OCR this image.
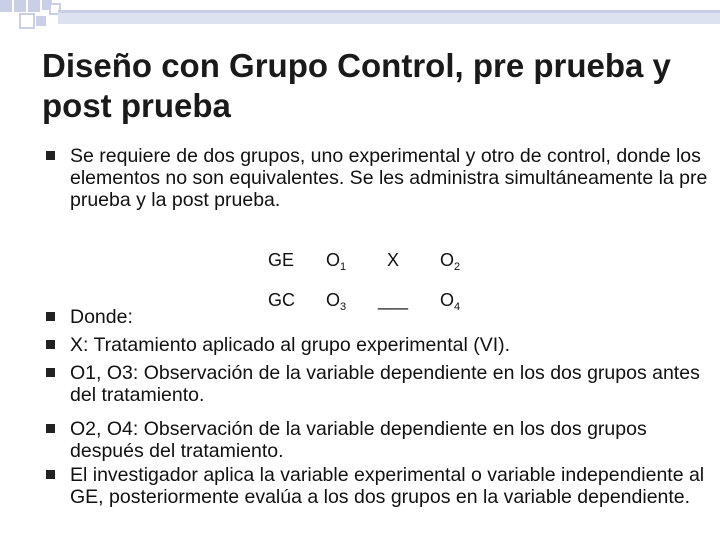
Diseño con Grupo Control, pre prueba y post prueba
Se requiere de dos grupos, uno experimental y otro de control, donde los elementos no son equivalentes. Se les administra simultáneamente la pre prueba y la post prueba.
GE $O_1$ X $O_2$
GC $O_3$ ___ $O_4$
Donde:
X: Tratamiento aplicado al grupo experimental (VI).
O1, O3: Observación de la variable dependiente en los dos grupos antes del tratamiento.
O2, O4: Observación de la variable dependiente en los dos grupos después del tratamiento.
El investigador aplica la variable experimental o variable independiente al GE, posteriormente evalúa a los dos grupos en la variable dependiente.
